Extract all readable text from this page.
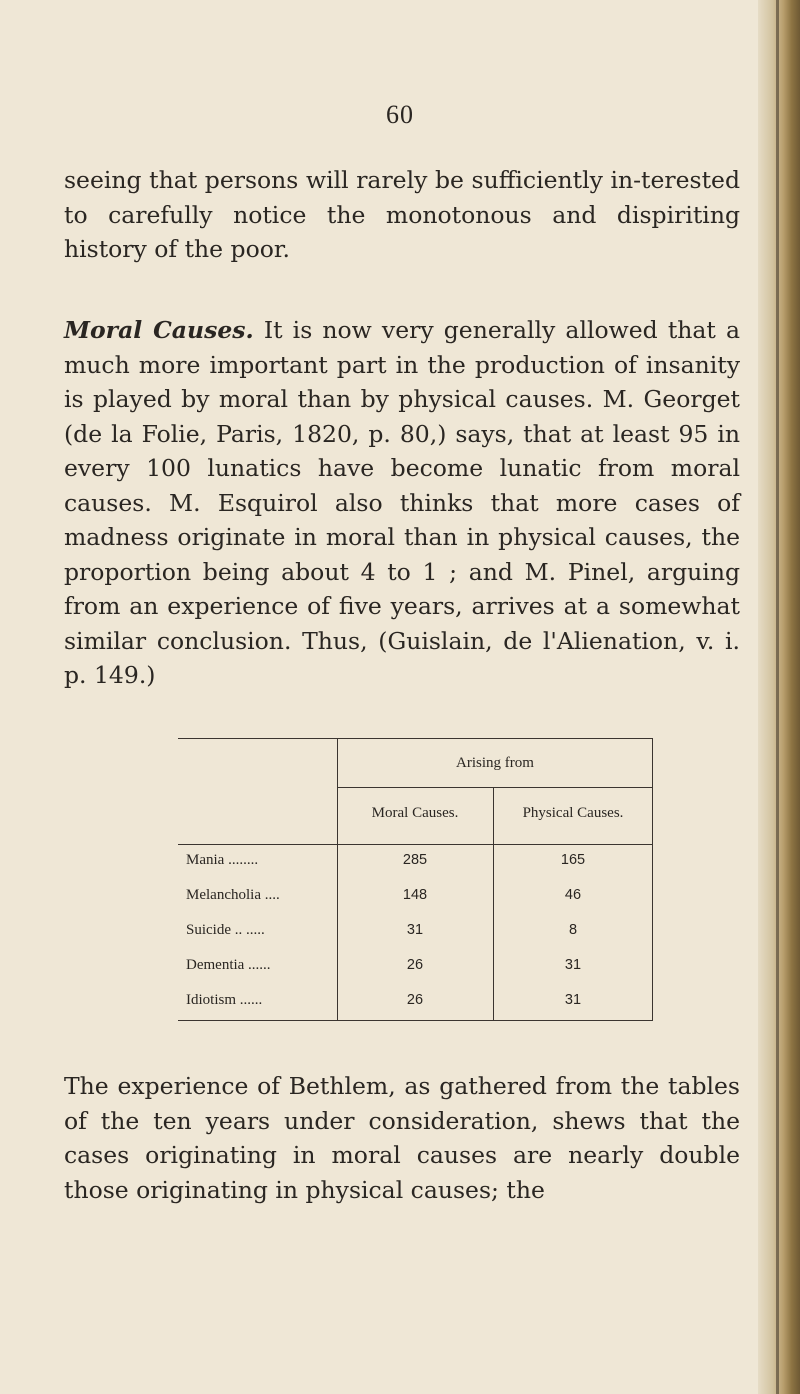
60

seeing that persons will rarely be sufficiently in-terested to carefully notice the monotonous and dispiriting history of the poor.

Moral Causes. It is now very generally allowed that a much more important part in the production of insanity is played by moral than by physical causes. M. Georget (de la Folie, Paris, 1820, p. 80,) says, that at least 95 in every 100 lunatics have become lunatic from moral causes. M. Esquirol also thinks that more cases of madness originate in moral than in physical causes, the proportion being about 4 to 1 ; and M. Pinel, arguing from an experience of five years, arrives at a somewhat similar conclusion. Thus, (Guislain, de l'Alienation, v. i. p. 149.)

Arising from
Moral Causes.	Physical Causes.
Mania ........	285	165
Melancholia ....	148	46
Suicide .. .....	31	8
Dementia ......	26	31
Idiotism ......	26	31

The experience of Bethlem, as gathered from the tables of the ten years under consideration, shews that the cases originating in moral causes are nearly double those originating in physical causes; the
